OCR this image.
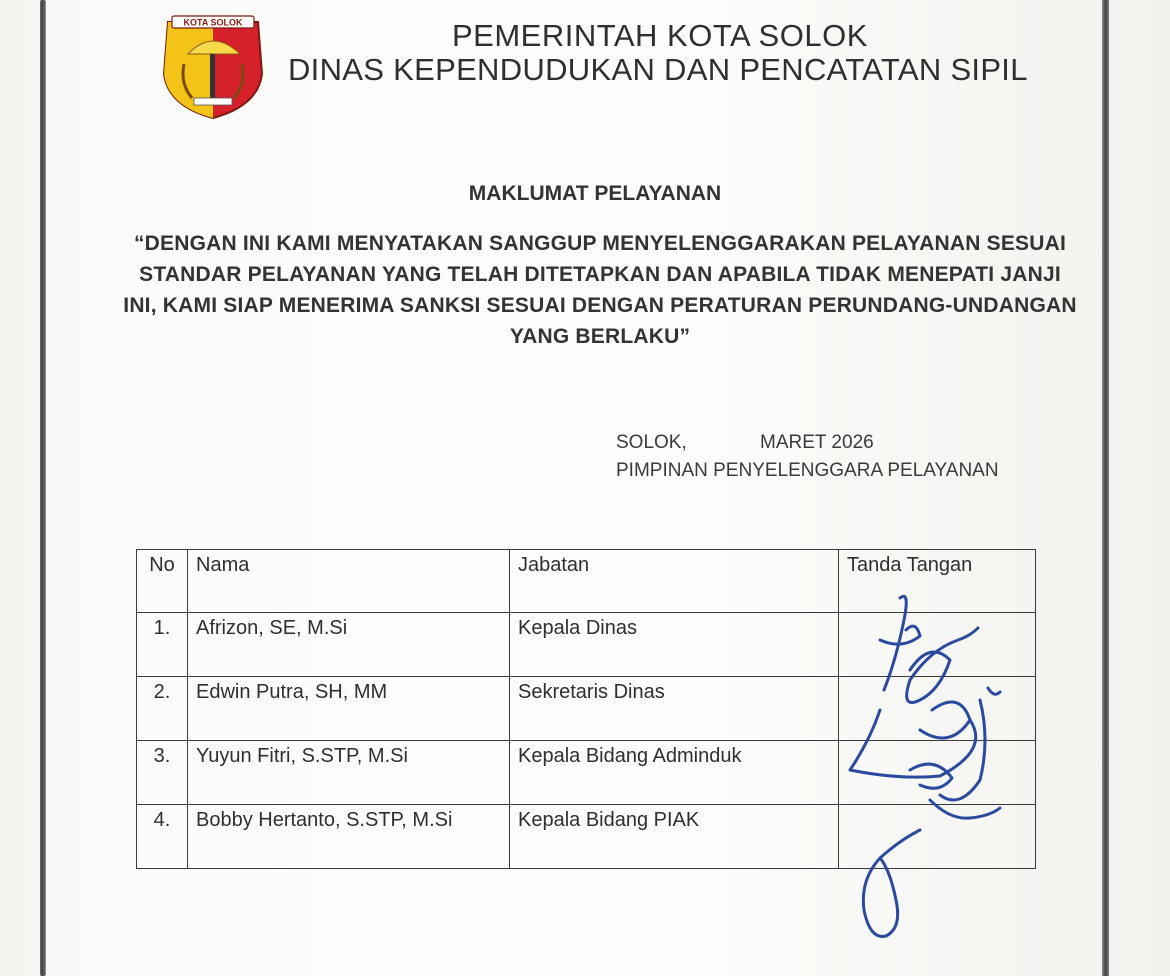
KOTA SOLOK	PEMERINTAH KOTA SOLOK
DINAS KEPENDUDUKAN DAN PENCATATAN SIPIL
MAKLUMAT PELAYANAN
“DENGAN INI KAMI MENYATAKAN SANGGUP MENYELENGGARAKAN PELAYANAN SESUAI STANDAR PELAYANAN YANG TELAH DITETAPKAN DAN APABILA TIDAK MENEPATI JANJI INI, KAMI SIAP MENERIMA SANKSI SESUAI DENGAN PERATURAN PERUNDANG-UNDANGAN YANG BERLAKU”
SOLOK,	MARET 2026
PIMPINAN PENYELENGGARA PELAYANAN
No	Nama	Jabatan	Tanda Tangan
1.	Afrizon, SE, M.Si	Kepala Dinas	
2.	Edwin Putra, SH, MM	Sekretaris Dinas	
3.	Yuyun Fitri, S.STP, M.Si	Kepala Bidang Adminduk	
4.	Bobby Hertanto, S.STP, M.Si	Kepala Bidang PIAK	
